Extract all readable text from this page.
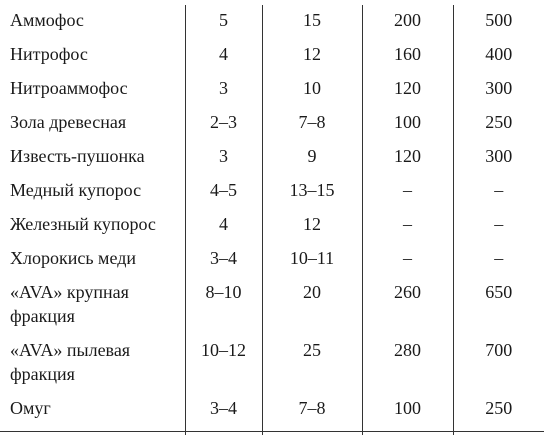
Аммофос	5	15	200	500
Нитрофос	4	12	160	400
Нитроаммофос	3	10	120	300
Зола древесная	2–3	7–8	100	250
Известь-пушонка	3	9	120	300
Медный купорос	4–5	13–15	–	–
Железный купорос	4	12	–	–
Хлорокись меди	3–4	10–11	–	–
«AVA» крупная фракция	8–10	20	260	650
«AVA» пылевая фракция	10–12	25	280	700
Омуг	3–4	7–8	100	250
